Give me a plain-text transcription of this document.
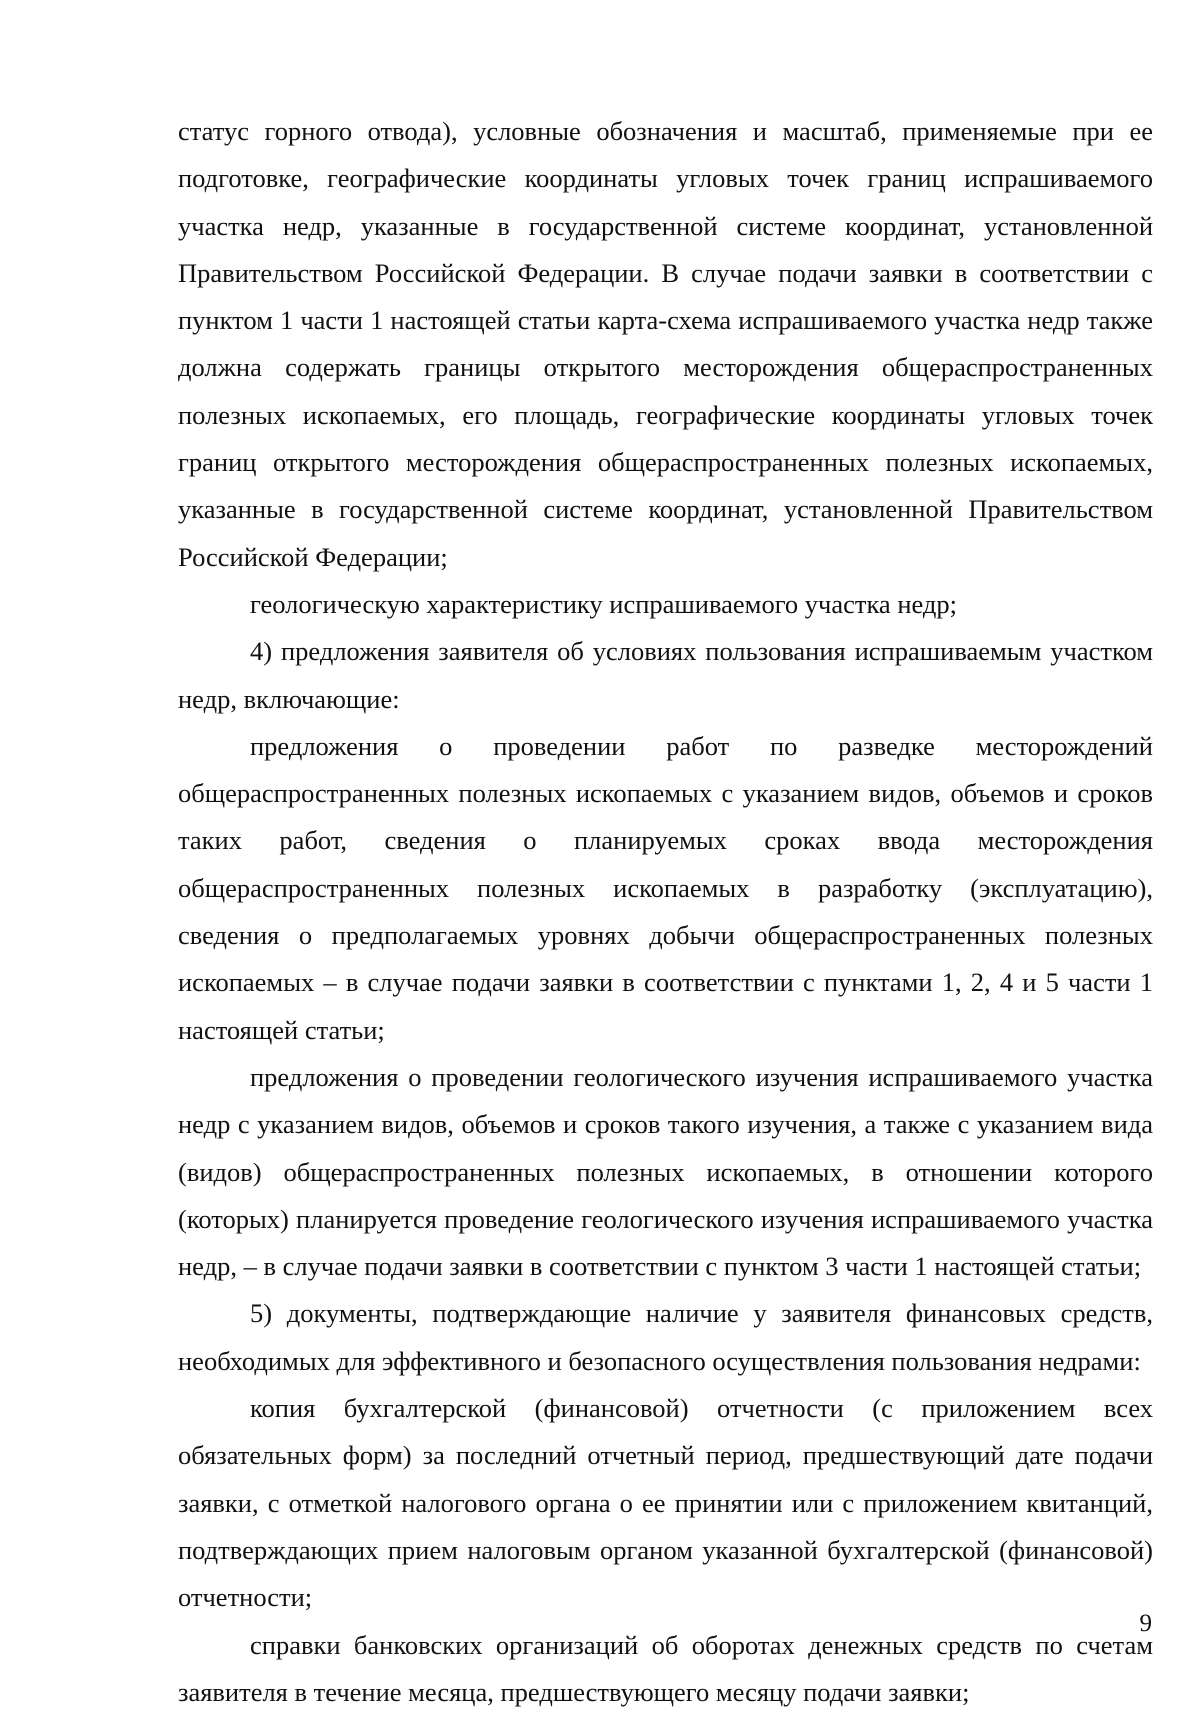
статус горного отвода), условные обозначения и масштаб, применяемые при ее подготовке, географические координаты угловых точек границ испрашиваемого участка недр, указанные в государственной системе координат, установленной Правительством Российской Федерации. В случае подачи заявки в соответствии с пунктом 1 части 1 настоящей статьи карта-схема испрашиваемого участка недр также должна содержать границы открытого месторождения общераспространенных полезных ископаемых, его площадь, географические координаты угловых точек границ открытого месторождения общераспространенных полезных ископаемых, указанные в государственной системе координат, установленной Правительством Российской Федерации;

геологическую характеристику испрашиваемого участка недр;

4) предложения заявителя об условиях пользования испрашиваемым участком недр, включающие:

предложения о проведении работ по разведке месторождений общераспространенных полезных ископаемых с указанием видов, объемов и сроков таких работ, сведения о планируемых сроках ввода месторождения общераспространенных полезных ископаемых в разработку (эксплуатацию), сведения о предполагаемых уровнях добычи общераспространенных полезных ископаемых – в случае подачи заявки в соответствии с пунктами 1, 2, 4 и 5 части 1 настоящей статьи;

предложения о проведении геологического изучения испрашиваемого участка недр с указанием видов, объемов и сроков такого изучения, а также с указанием вида (видов) общераспространенных полезных ископаемых, в отношении которого (которых) планируется проведение геологического изучения испрашиваемого участка недр, – в случае подачи заявки в соответствии с пунктом 3 части 1 настоящей статьи;

5) документы, подтверждающие наличие у заявителя финансовых средств, необходимых для эффективного и безопасного осуществления пользования недрами:

копия бухгалтерской (финансовой) отчетности (с приложением всех обязательных форм) за последний отчетный период, предшествующий дате подачи заявки, с отметкой налогового органа о ее принятии или с приложением квитанций, подтверждающих прием налоговым органом указанной бухгалтерской (финансовой) отчетности;

справки банковских организаций об оборотах денежных средств по счетам заявителя в течение месяца, предшествующего месяцу подачи заявки;

9
